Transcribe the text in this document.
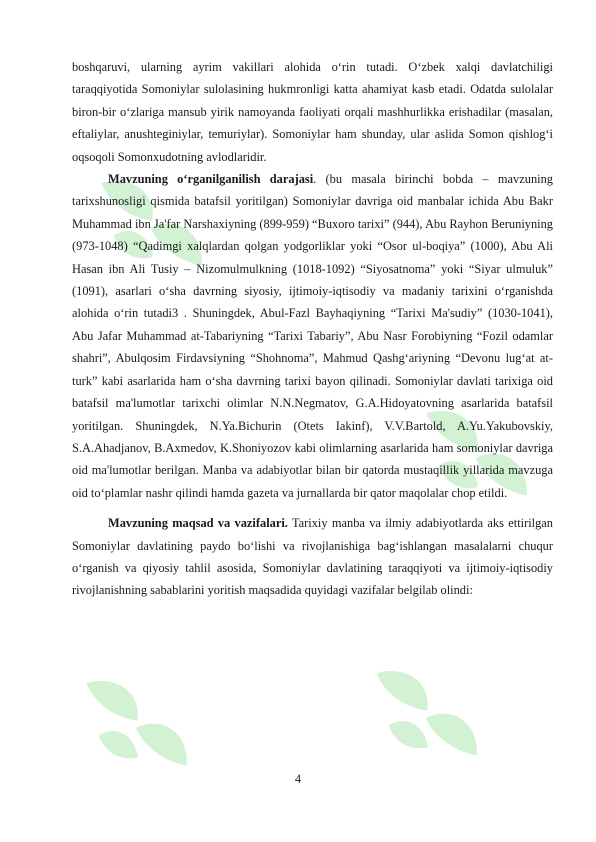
boshqaruvi, ularning ayrim vakillari alohida o‘rin tutadi. O‘zbek xalqi davlatchiligi taraqqiyotida Somoniylar sulolasining hukmronligi katta ahamiyat kasb etadi. Odatda sulolalar biron-bir o‘zlariga mansub yirik namoyanda faoliyati orqali mashhurlikka erishadilar (masalan, eftaliylar, anushteginiylar, temuriylar). Somoniylar ham shunday, ular aslida Somon qishlog‘i oqsoqoli Somonxudotning avlodlaridir.

Mavzuning o‘rganilganilish darajasi. (bu masala birinchi bobda – mavzuning tarixshunosligi qismida batafsil yoritilgan) Somoniylar davriga oid manbalar ichida Abu Bakr Muhammad ibn Ja'far Narshaxiyning (899-959) “Buxoro tarixi” (944), Abu Rayhon Beruniyning (973-1048) “Qadimgi xalqlardan qolgan yodgorliklar yoki “Osor ul-boqiya” (1000), Abu Ali Hasan ibn Ali Tusiy – Nizomulmulkning (1018-1092) “Siyosatnoma” yoki “Siyar ulmuluk” (1091), asarlari o‘sha davrning siyosiy, ijtimoiy-iqtisodiy va madaniy tarixini o‘rganishda alohida o‘rin tutadi3 . Shuningdek, Abul-Fazl Bayhaqiyning “Tarixi Ma'sudiy” (1030-1041), Abu Jafar Muhammad at-Tabariyning “Tarixi Tabariy”, Abu Nasr Forobiyning “Fozil odamlar shahri”, Abulqosim Firdavsiyning “Shohnoma”, Mahmud Qashg‘ariyning “Devonu lug‘at at-turk” kabi asarlarida ham o‘sha davrning tarixi bayon qilinadi. Somoniylar davlati tarixiga oid batafsil ma'lumotlar tarixchi olimlar N.N.Negmatov, G.A.Hidoyatovning asarlarida batafsil yoritilgan. Shuningdek, N.Ya.Bichurin (Otets Iakinf), V.V.Bartold, A.Yu.Yakubovskiy, S.A.Ahadjanov, B.Axmedov, K.Shoniyozov kabi olimlarning asarlarida ham somoniylar davriga oid ma'lumotlar berilgan. Manba va adabiyotlar bilan bir qatorda mustaqillik yillarida mavzuga oid to‘plamlar nashr qilindi hamda gazeta va jurnallarda bir qator maqolalar chop etildi.

Mavzuning maqsad va vazifalari. Tarixiy manba va ilmiy adabiyotlarda aks ettirilgan Somoniylar davlatining paydo bo‘lishi va rivojlanishiga bag‘ishlangan masalalarni chuqur o‘rganish va qiyosiy tahlil asosida, Somoniylar davlatining taraqqiyoti va ijtimoiy-iqtisodiy rivojlanishning sabablarini yoritish maqsadida quyidagi vazifalar belgilab olindi:

4
